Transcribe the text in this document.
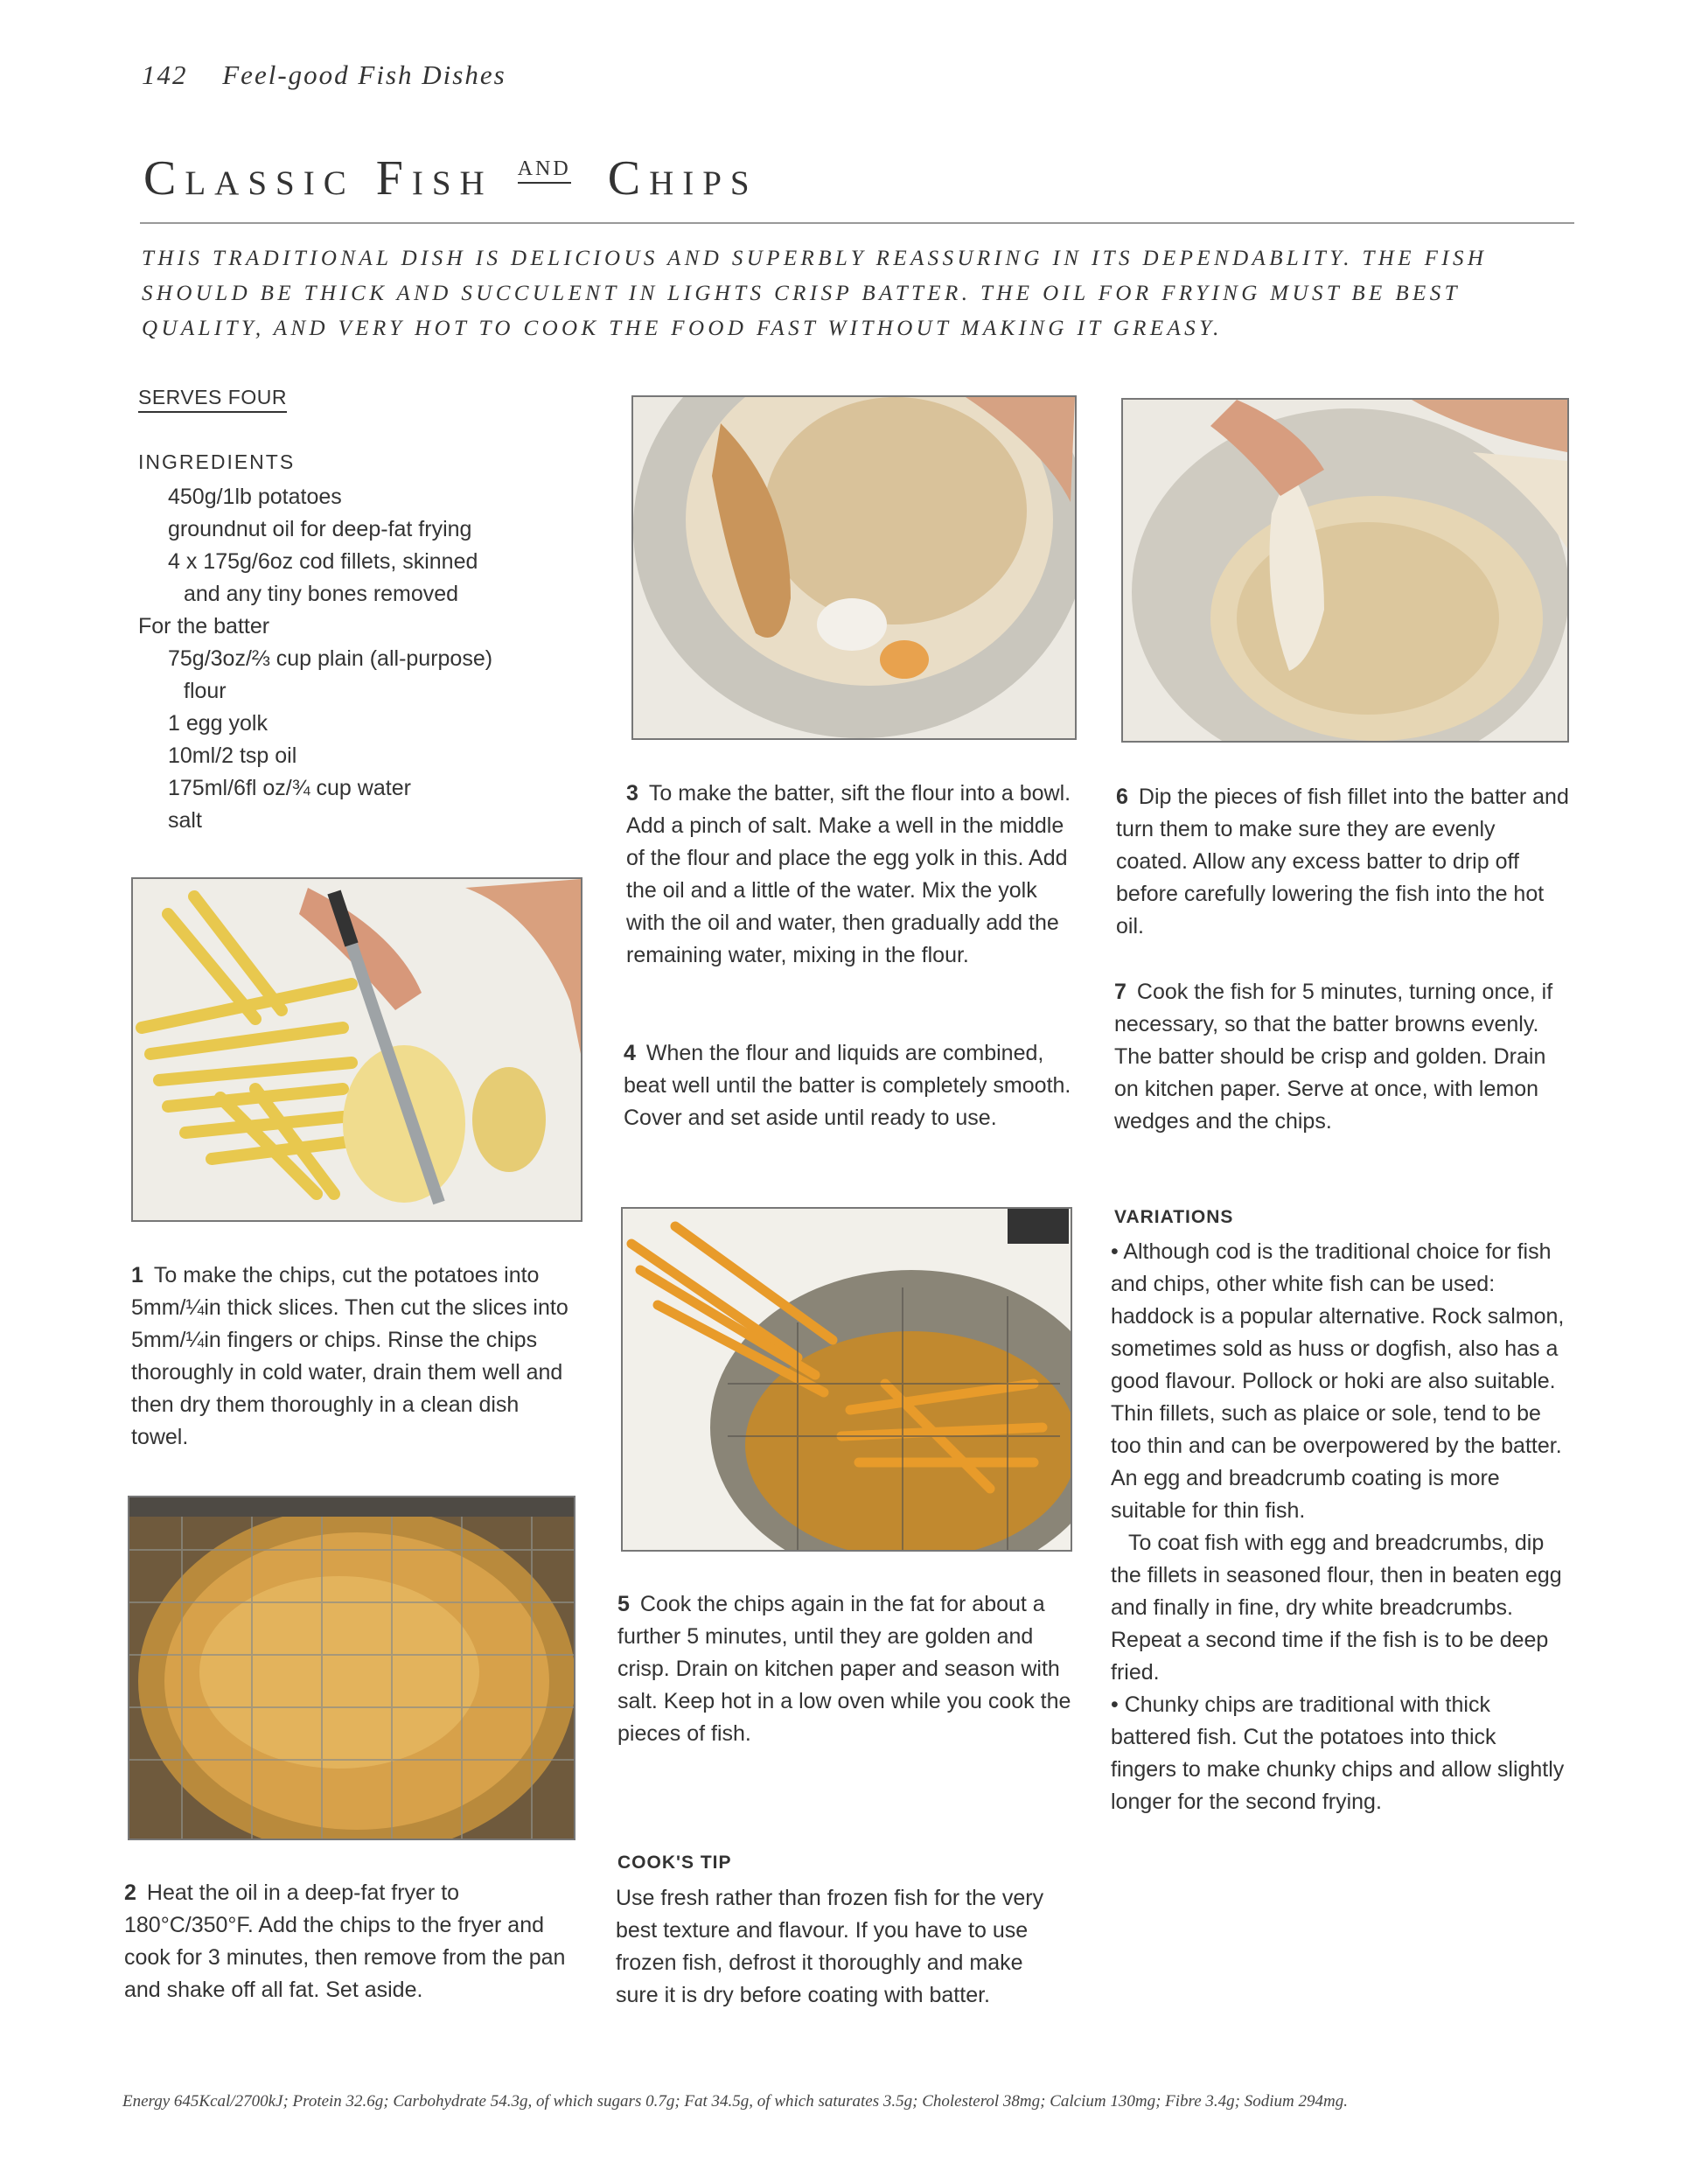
142 Feel-good Fish Dishes
Classic Fish $^{AND}$ Chips
THIS TRADITIONAL DISH IS DELICIOUS AND SUPERBLY REASSURING IN ITS DEPENDABLITY. THE FISH SHOULD BE THICK AND SUCCULENT IN LIGHTS CRISP BATTER. THE OIL FOR FRYING MUST BE BEST QUALITY, AND VERY HOT TO COOK THE FOOD FAST WITHOUT MAKING IT GREASY.
SERVES FOUR
INGREDIENTS
450g/1lb potatoes
groundnut oil for deep-fat frying
4 x 175g/6oz cod fillets, skinned
and any tiny bones removed
For the batter
75g/3oz/⅔ cup plain (all-purpose)
flour
1 egg yolk
10ml/2 tsp oil
175ml/6fl oz/¾ cup water
salt
1 To make the chips, cut the potatoes into 5mm/¼in thick slices. Then cut the slices into 5mm/¼in fingers or chips. Rinse the chips thoroughly in cold water, drain them well and then dry them thoroughly in a clean dish towel.
2 Heat the oil in a deep-fat fryer to 180°C/350°F. Add the chips to the fryer and cook for 3 minutes, then remove from the pan and shake off all fat. Set aside.
3 To make the batter, sift the flour into a bowl. Add a pinch of salt. Make a well in the middle of the flour and place the egg yolk in this. Add the oil and a little of the water. Mix the yolk with the oil and water, then gradually add the remaining water, mixing in the flour.
4 When the flour and liquids are combined, beat well until the batter is completely smooth. Cover and set aside until ready to use.
5 Cook the chips again in the fat for about a further 5 minutes, until they are golden and crisp. Drain on kitchen paper and season with salt. Keep hot in a low oven while you cook the pieces of fish.
COOK'S TIP
Use fresh rather than frozen fish for the very best texture and flavour. If you have to use frozen fish, defrost it thoroughly and make sure it is dry before coating with batter.
6 Dip the pieces of fish fillet into the batter and turn them to make sure they are evenly coated. Allow any excess batter to drip off before carefully lowering the fish into the hot oil.
7 Cook the fish for 5 minutes, turning once, if necessary, so that the batter browns evenly. The batter should be crisp and golden. Drain on kitchen paper. Serve at once, with lemon wedges and the chips.
VARIATIONS
• Although cod is the traditional choice for fish and chips, other white fish can be used: haddock is a popular alternative. Rock salmon, sometimes sold as huss or dogfish, also has a good flavour. Pollock or hoki are also suitable. Thin fillets, such as plaice or sole, tend to be too thin and can be overpowered by the batter. An egg and breadcrumb coating is more suitable for thin fish.
To coat fish with egg and breadcrumbs, dip the fillets in seasoned flour, then in beaten egg and finally in fine, dry white breadcrumbs. Repeat a second time if the fish is to be deep fried.
• Chunky chips are traditional with thick battered fish. Cut the potatoes into thick fingers to make chunky chips and allow slightly longer for the second frying.
Energy 645Kcal/2700kJ; Protein 32.6g; Carbohydrate 54.3g, of which sugars 0.7g; Fat 34.5g, of which saturates 3.5g; Cholesterol 38mg; Calcium 130mg; Fibre 3.4g; Sodium 294mg.
